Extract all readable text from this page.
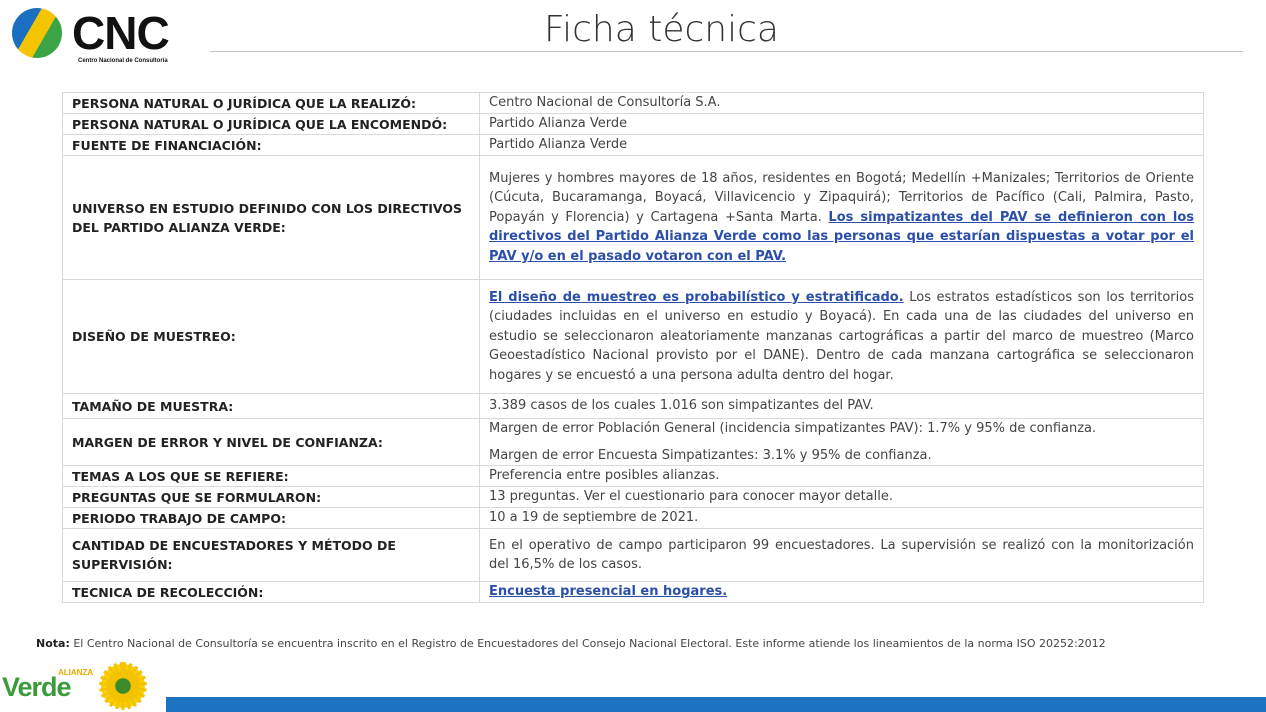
CNC
Centro Nacional de Consultoría
Ficha técnica
PERSONA NATURAL O JURÍDICA QUE LA REALIZÓ:	Centro Nacional de Consultoría S.A.
PERSONA NATURAL O JURÍDICA QUE LA ENCOMENDÓ:	Partido Alianza Verde
FUENTE DE FINANCIACIÓN:	Partido Alianza Verde
UNIVERSO EN ESTUDIO DEFINIDO CON LOS DIRECTIVOS DEL PARTIDO ALIANZA VERDE:	Mujeres y hombres mayores de 18 años, residentes en Bogotá; Medellín +Manizales; Territorios de Oriente (Cúcuta, Bucaramanga, Boyacá, Villavicencio y Zipaquirá); Territorios de Pacífico (Cali, Palmira, Pasto, Popayán y Florencia) y Cartagena +Santa Marta. Los simpatizantes del PAV se definieron con los directivos del Partido Alianza Verde como las personas que estarían dispuestas a votar por el PAV y/o en el pasado votaron con el PAV.
DISEÑO DE MUESTREO:	El diseño de muestreo es probabilístico y estratificado. Los estratos estadísticos son los territorios (ciudades incluidas en el universo en estudio y Boyacá). En cada una de las ciudades del universo en estudio se seleccionaron aleatoriamente manzanas cartográficas a partir del marco de muestreo (Marco Geoestadístico Nacional provisto por el DANE). Dentro de cada manzana cartográfica se seleccionaron hogares y se encuestó a una persona adulta dentro del hogar.
TAMAÑO DE MUESTRA:	3.389 casos de los cuales 1.016 son simpatizantes del PAV.
MARGEN DE ERROR Y NIVEL DE CONFIANZA:	Margen de error Población General (incidencia simpatizantes PAV): 1.7% y 95% de confianza.
Margen de error Encuesta Simpatizantes: 3.1% y 95% de confianza.
TEMAS A LOS QUE SE REFIERE:	Preferencia entre posibles alianzas.
PREGUNTAS QUE SE FORMULARON:	13 preguntas. Ver el cuestionario para conocer mayor detalle.
PERIODO TRABAJO DE CAMPO:	10 a 19 de septiembre de 2021.
CANTIDAD DE ENCUESTADORES Y MÉTODO DE SUPERVISIÓN:	En el operativo de campo participaron 99 encuestadores. La supervisión se realizó con la monitorización del 16,5% de los casos.
TECNICA DE RECOLECCIÓN:	Encuesta presencial en hogares.
Nota: El Centro Nacional de Consultoría se encuentra inscrito en el Registro de Encuestadores del Consejo Nacional Electoral. Este informe atiende los lineamientos de la norma ISO 20252:2012
ALIANZA
Verde
